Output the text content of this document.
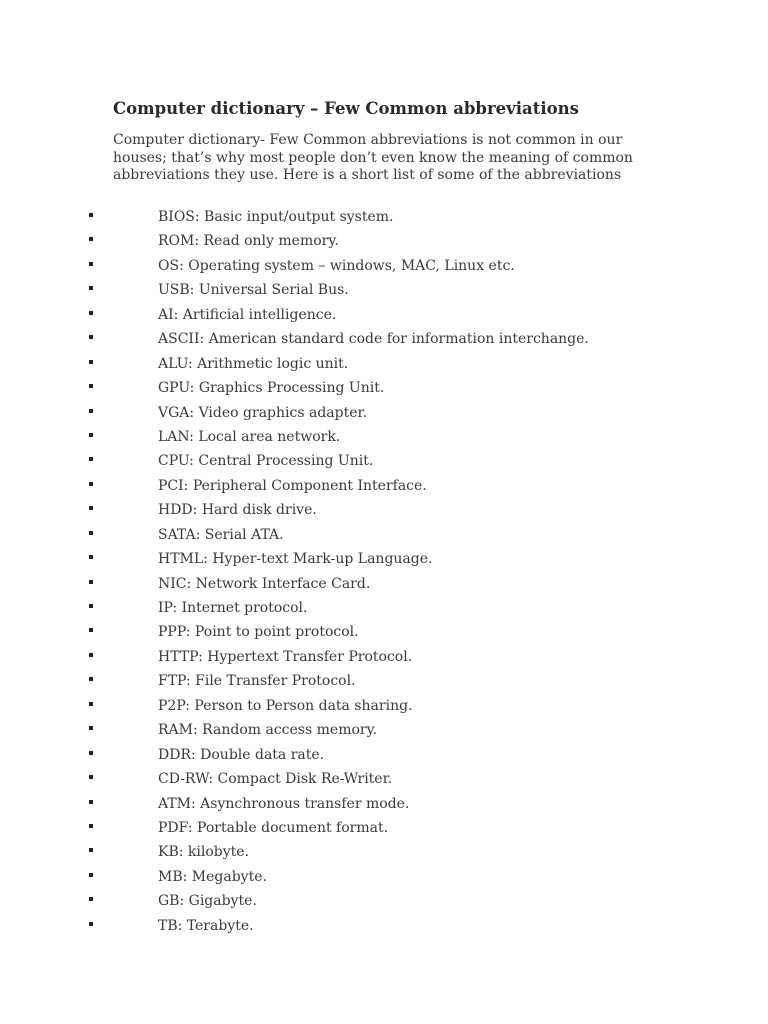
Computer dictionary – Few Common abbreviations
Computer dictionary- Few Common abbreviations is not common in our houses; that’s why most people don’t even know the meaning of common abbreviations they use. Here is a short list of some of the abbreviations
BIOS: Basic input/output system.
ROM: Read only memory.
OS: Operating system – windows, MAC, Linux etc.
USB: Universal Serial Bus.
AI: Artificial intelligence.
ASCII: American standard code for information interchange.
ALU: Arithmetic logic unit.
GPU: Graphics Processing Unit.
VGA: Video graphics adapter.
LAN: Local area network.
CPU: Central Processing Unit.
PCI: Peripheral Component Interface.
HDD: Hard disk drive.
SATA: Serial ATA.
HTML: Hyper-text Mark-up Language.
NIC: Network Interface Card.
IP: Internet protocol.
PPP: Point to point protocol.
HTTP: Hypertext Transfer Protocol.
FTP: File Transfer Protocol.
P2P: Person to Person data sharing.
RAM: Random access memory.
DDR: Double data rate.
CD-RW: Compact Disk Re-Writer.
ATM: Asynchronous transfer mode.
PDF: Portable document format.
KB: kilobyte.
MB: Megabyte.
GB: Gigabyte.
TB: Terabyte.
